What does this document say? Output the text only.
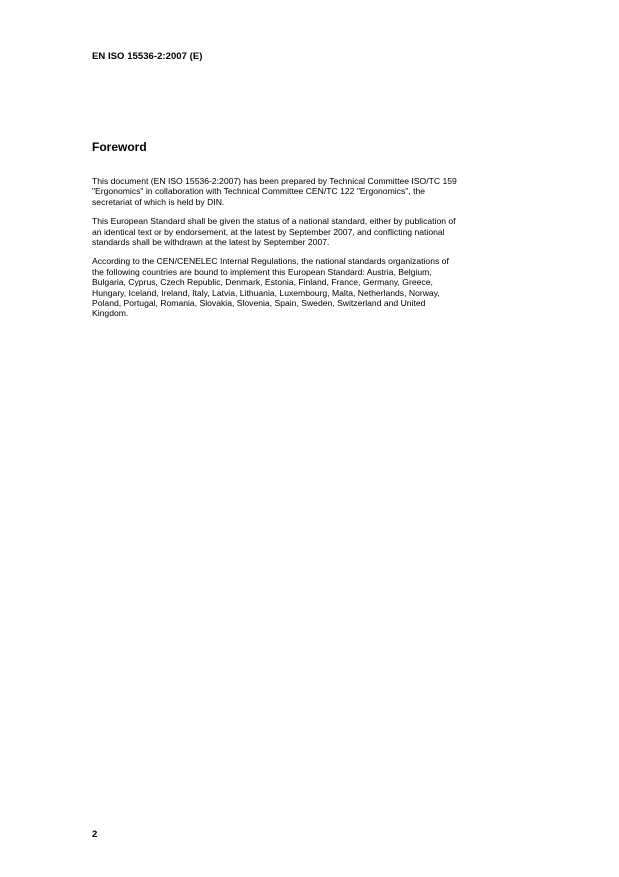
EN ISO 15536-2:2007 (E)
Foreword

This document (EN ISO 15536-2:2007) has been prepared by Technical Committee ISO/TC 159
"Ergonomics" in collaboration with Technical Committee CEN/TC 122 "Ergonomics", the
secretariat of which is held by DIN.

This European Standard shall be given the status of a national standard, either by publication of
an identical text or by endorsement, at the latest by September 2007, and conflicting national
standards shall be withdrawn at the latest by September 2007.

According to the CEN/CENELEC Internal Regulations, the national standards organizations of
the following countries are bound to implement this European Standard: Austria, Belgium,
Bulgaria, Cyprus, Czech Republic, Denmark, Estonia, Finland, France, Germany, Greece,
Hungary, Iceland, Ireland, Italy, Latvia, Lithuania, Luxembourg, Malta, Netherlands, Norway,
Poland, Portugal, Romania, Slovakia, Slovenia, Spain, Sweden, Switzerland and United
Kingdom.

2
